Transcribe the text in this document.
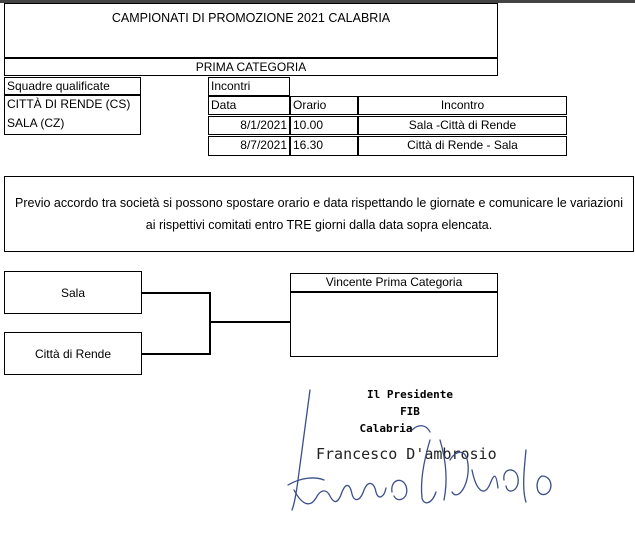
CAMPIONATI DI PROMOZIONE 2021 CALABRIA
PRIMA CATEGORIA
Squadre qualificate
CITTÀ DI RENDE (CS)
SALA (CZ)
Incontri
Data	Orario	Incontro
8/1/2021 10.00	Sala -Città di Rende
8/7/2021 16.30	Città di Rende - Sala
Previo accordo tra società si possono spostare orario e data rispettando le giornate e comunicare le variazioni ai rispettivi comitati entro TRE giorni dalla data sopra elencata.
Sala
Città di Rende
Vincente Prima Categoria
Il Presidente
FIB
Calabria
Francesco D'ambrosio
